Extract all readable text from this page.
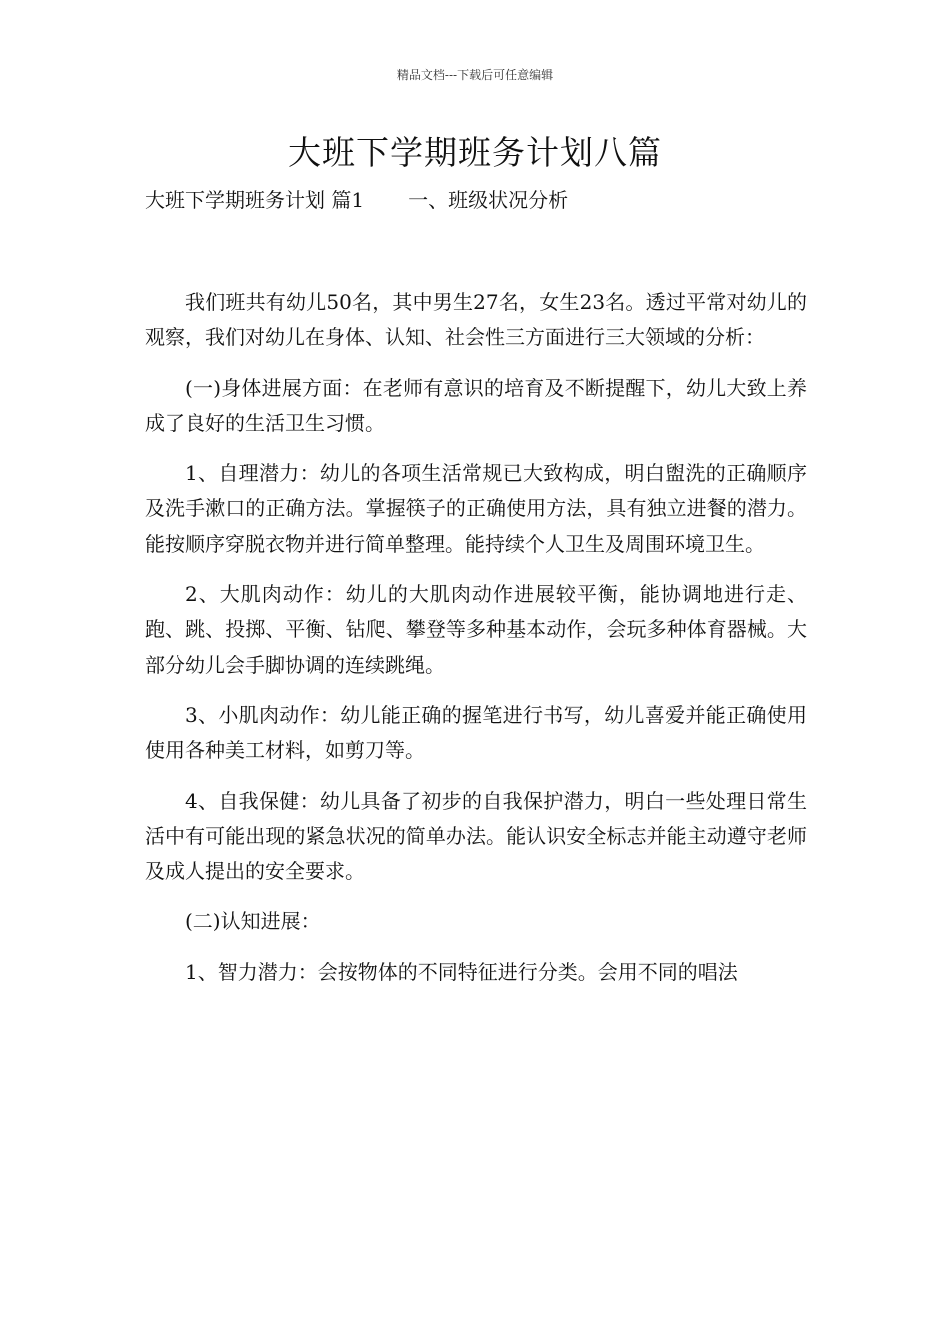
精品文档---下载后可任意编辑
大班下学期班务计划八篇
大班下学期班务计划 篇1 一、班级状况分析

我们班共有幼儿50名，其中男生27名，女生23名。透过平常对幼儿的观察，我们对幼儿在身体、认知、社会性三方面进行三大领域的分析：

(一)身体进展方面：在老师有意识的培育及不断提醒下，幼儿大致上养成了良好的生活卫生习惯。

1、自理潜力：幼儿的各项生活常规已大致构成，明白盥洗的正确顺序及洗手漱口的正确方法。掌握筷子的正确使用方法，具有独立进餐的潜力。能按顺序穿脱衣物并进行简单整理。能持续个人卫生及周围环境卫生。

2、大肌肉动作：幼儿的大肌肉动作进展较平衡，能协调地进行走、跑、跳、投掷、平衡、钻爬、攀登等多种基本动作，会玩多种体育器械。大部分幼儿会手脚协调的连续跳绳。

3、小肌肉动作：幼儿能正确的握笔进行书写，幼儿喜爱并能正确使用使用各种美工材料，如剪刀等。

4、自我保健：幼儿具备了初步的自我保护潜力，明白一些处理日常生活中有可能出现的紧急状况的简单办法。能认识安全标志并能主动遵守老师及成人提出的安全要求。

(二)认知进展：

1、智力潜力：会按物体的不同特征进行分类。会用不同的唱法
